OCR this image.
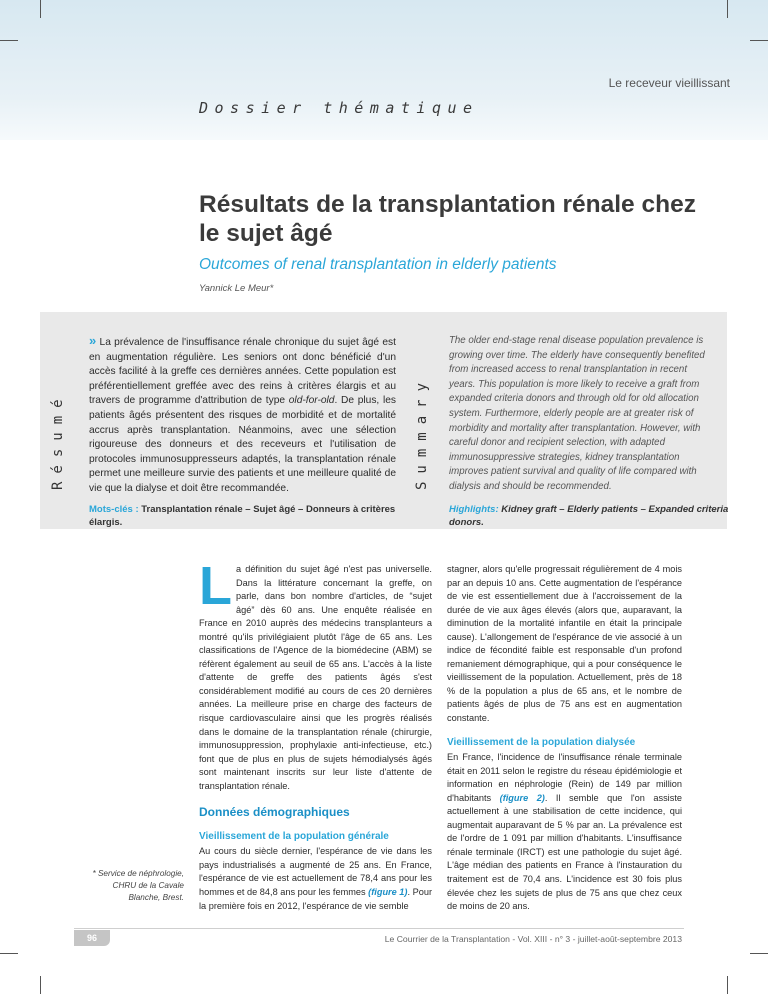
Le receveur vieillissant
Dossier thématique
Résultats de la transplantation rénale chez le sujet âgé
Outcomes of renal transplantation in elderly patients
Yannick Le Meur*
Résumé	Summary

» La prévalence de l'insuffisance rénale chronique du sujet âgé est en augmentation régulière. Les seniors ont donc bénéficié d'un accès facilité à la greffe ces dernières années. Cette population est préférentiellement greffée avec des reins à critères élargis et au travers de programme d'attribution de type old-for-old. De plus, les patients âgés présentent des risques de morbidité et de mortalité accrus après transplantation. Néanmoins, avec une sélection rigoureuse des donneurs et des receveurs et l'utilisation de protocoles immunosuppresseurs adaptés, la transplantation rénale permet une meilleure survie des patients et une meilleure qualité de vie que la dialyse et doit être recommandée.

The older end-stage renal disease population prevalence is growing over time. The elderly have consequently benefited from increased access to renal transplantation in recent years. This population is more likely to receive a graft from expanded criteria donors and through old for old allocation system. Furthermore, elderly people are at greater risk of morbidity and mortality after transplantation. However, with careful donor and recipient selection, with adapted immunosuppressive strategies, kidney transplantation improves patient survival and quality of life compared with dialysis and should be recommended.

Mots-clés : Transplantation rénale – Sujet âgé – Donneurs à critères élargis.
Highlights: Kidney graft – Elderly patients – Expanded criteria donors.
L a définition du sujet âgé n'est pas universelle. Dans la littérature concernant la greffe, on parle, dans bon nombre d'articles, de “sujet âgé” dès 60 ans. Une enquête réalisée en France en 2010 auprès des médecins transplanteurs a montré qu'ils privilégiaient plutôt l'âge de 65 ans. Les classifications de l'Agence de la biomédecine (ABM) se réfèrent également au seuil de 65 ans. L'accès à la liste d'attente de greffe des patients âgés s'est considérablement modifié au cours de ces 20 dernières années. La meilleure prise en charge des facteurs de risque cardiovasculaire ainsi que les progrès réalisés dans le domaine de la transplantation rénale (chirurgie, immunosuppression, prophylaxie anti-infectieuse, etc.) font que de plus en plus de sujets hémodialysés âgés sont maintenant inscrits sur leur liste d'attente de transplantation rénale.

Données démographiques
Vieillissement de la population générale

Au cours du siècle dernier, l'espérance de vie dans les pays industrialisés a augmenté de 25 ans. En France, l'espérance de vie est actuellement de 78,4 ans pour les hommes et de 84,8 ans pour les femmes (figure 1). Pour la première fois en 2012, l'espérance de vie semble

* Service de néphrologie, CHRU de la Cavale Blanche, Brest.
96	Le Courrier de la Transplantation - Vol. XIII - n° 3 - juillet-août-septembre 2013

stagner, alors qu'elle progressait régulièrement de 4 mois par an depuis 10 ans. Cette augmentation de l'espérance de vie est essentiellement due à l'accroissement de la durée de vie aux âges élevés (alors que, auparavant, la diminution de la mortalité infantile en était la principale cause). L'allongement de l'espérance de vie associé à un indice de fécondité faible est responsable d'un profond remaniement démographique, qui a pour conséquence le vieillissement de la population. Actuellement, près de 18 % de la population a plus de 65 ans, et le nombre de patients âgés de plus de 75 ans est en augmentation constante.

Vieillissement de la population dialysée

En France, l'incidence de l'insuffisance rénale terminale était en 2011 selon le registre du réseau épidémiologie et information en néphrologie (Rein) de 149 par million d'habitants (figure 2). Il semble que l'on assiste actuellement à une stabilisation de cette incidence, qui augmentait auparavant de 5 % par an. La prévalence est de l'ordre de 1 091 par million d'habitants. L'insuffisance rénale terminale (IRCT) est une pathologie du sujet âgé. L'âge médian des patients en France à l'instauration du traitement est de 70,4 ans. L'incidence est 30 fois plus élevée chez les sujets de plus de 75 ans que chez ceux de moins de 20 ans.
